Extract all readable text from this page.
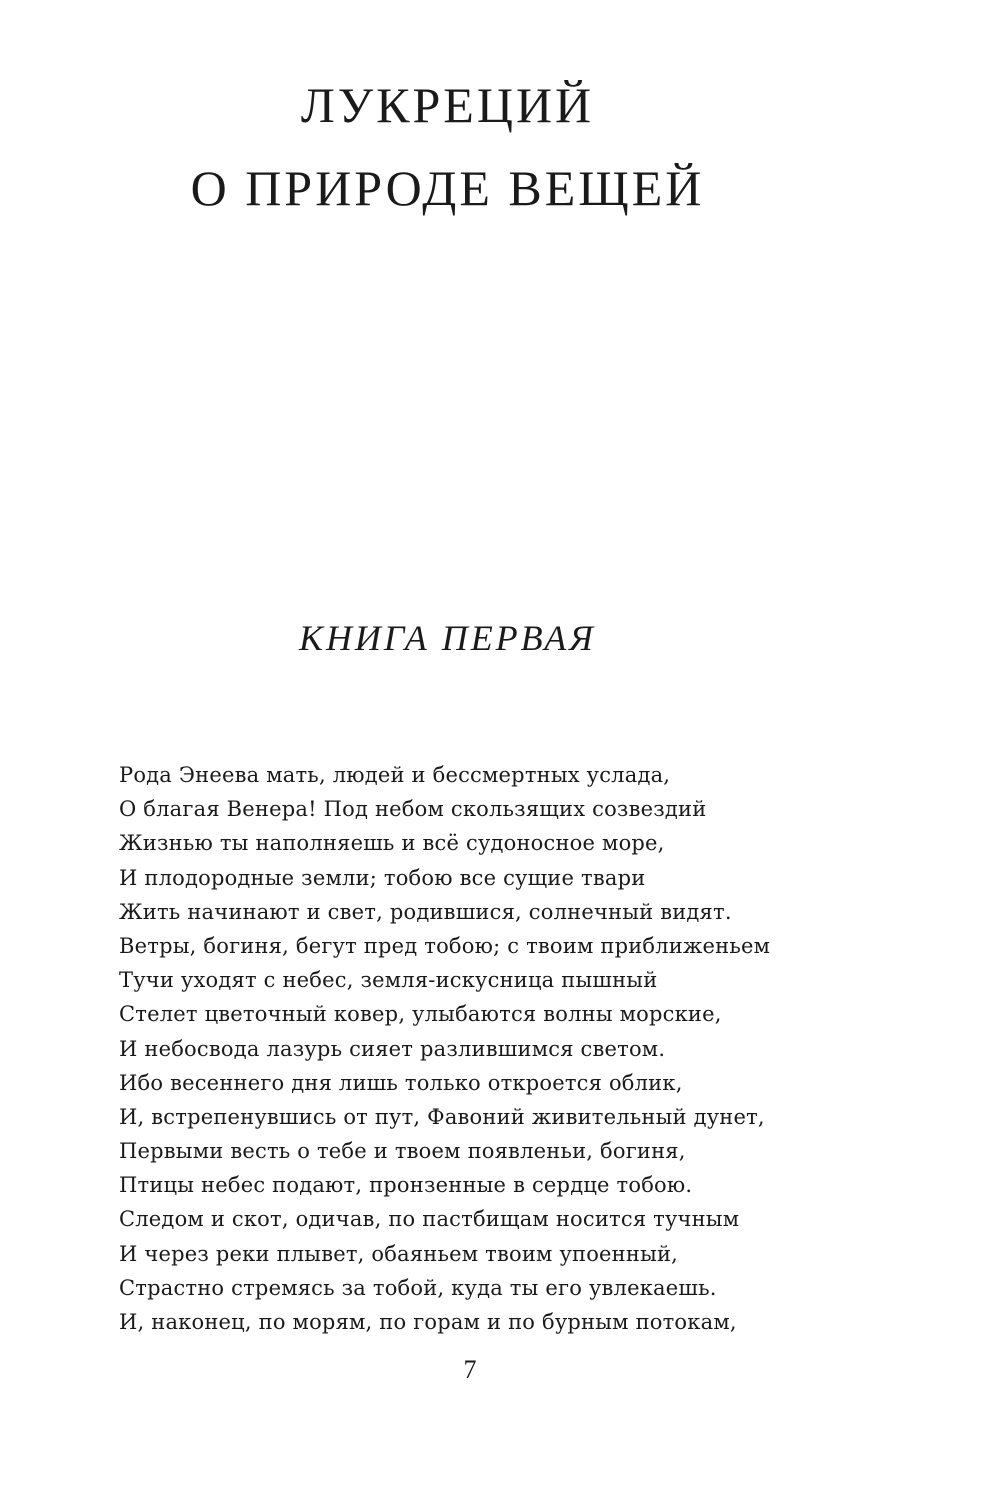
ЛУКРЕЦИЙ
О ПРИРОДЕ ВЕЩЕЙ
КНИГА ПЕРВАЯ
Рода Энеева мать, людей и бессмертных услада,
О благая Венера! Под небом скользящих созвездий
Жизнью ты наполняешь и всё судоносное море,
И плодородные земли; тобою все сущие твари
Жить начинают и свет, родившися, солнечный видят.
Ветры, богиня, бегут пред тобою; с твоим приближеньем
Тучи уходят с небес, земля-искусница пышный
Стелет цветочный ковер, улыбаются волны морские,
И небосвода лазурь сияет разлившимся светом.
Ибо весеннего дня лишь только откроется облик,
И, встрепенувшись от пут, Фавоний живительный дунет,
Первыми весть о тебе и твоем появленьи, богиня,
Птицы небес подают, пронзенные в сердце тобою.
Следом и скот, одичав, по пастбищам носится тучным
И через реки плывет, обаяньем твоим упоенный,
Страстно стремясь за тобой, куда ты его увлекаешь.
И, наконец, по морям, по горам и по бурным потокам,
7
